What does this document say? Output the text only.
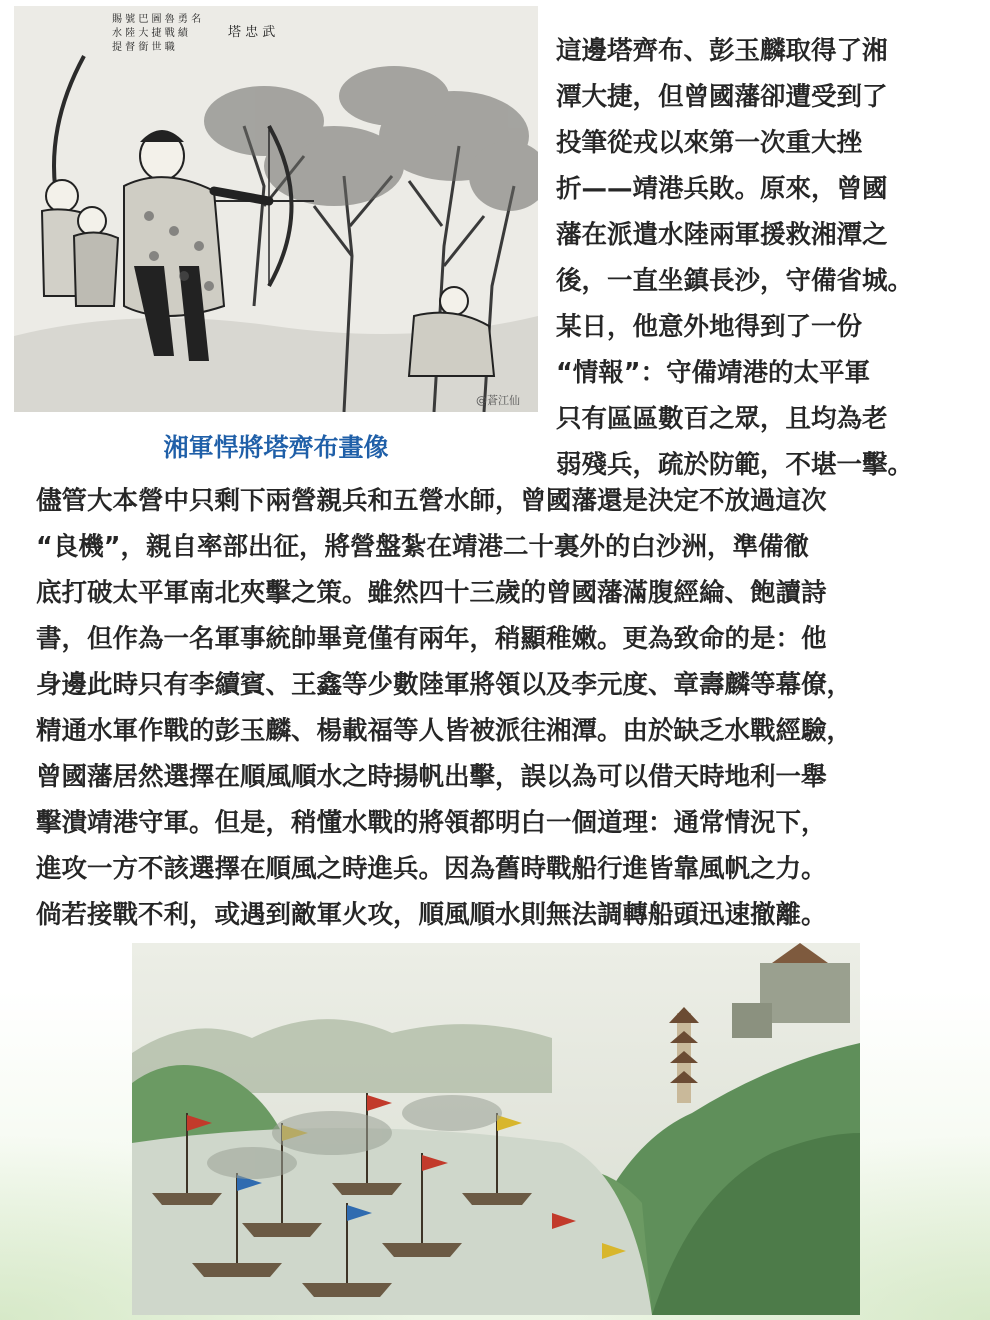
賜 號 巴 圖 魯 勇 名
水 陸 大 捷 戰 績
提 督 銜 世 職
塔 忠 武
@蒼江仙
湘軍悍將塔齊布畫像
這邊塔齊布、彭玉麟取得了湘
潭大捷，但曾國藩卻遭受到了
投筆從戎以來第一次重大挫
折——靖港兵敗。原來，曾國
藩在派遣水陸兩軍援救湘潭之
後，一直坐鎮長沙，守備省城。
某日，他意外地得到了一份
“情報”：守備靖港的太平軍
只有區區數百之眾，且均為老
弱殘兵，疏於防範，不堪一擊。
儘管大本營中只剩下兩營親兵和五營水師，曾國藩還是決定不放過這次
“良機”，親自率部出征，將營盤紮在靖港二十裏外的白沙洲，準備徹
底打破太平軍南北夾擊之策。雖然四十三歲的曾國藩滿腹經綸、飽讀詩
書，但作為一名軍事統帥畢竟僅有兩年，稍顯稚嫩。更為致命的是：他
身邊此時只有李續賓、王鑫等少數陸軍將領以及李元度、章壽麟等幕僚，
精通水軍作戰的彭玉麟、楊載福等人皆被派往湘潭。由於缺乏水戰經驗，
曾國藩居然選擇在順風順水之時揚帆出擊，誤以為可以借天時地利一舉
擊潰靖港守軍。但是，稍懂水戰的將領都明白一個道理：通常情況下，
進攻一方不該選擇在順風之時進兵。因為舊時戰船行進皆靠風帆之力。
倘若接戰不利，或遇到敵軍火攻，順風順水則無法調轉船頭迅速撤離。
